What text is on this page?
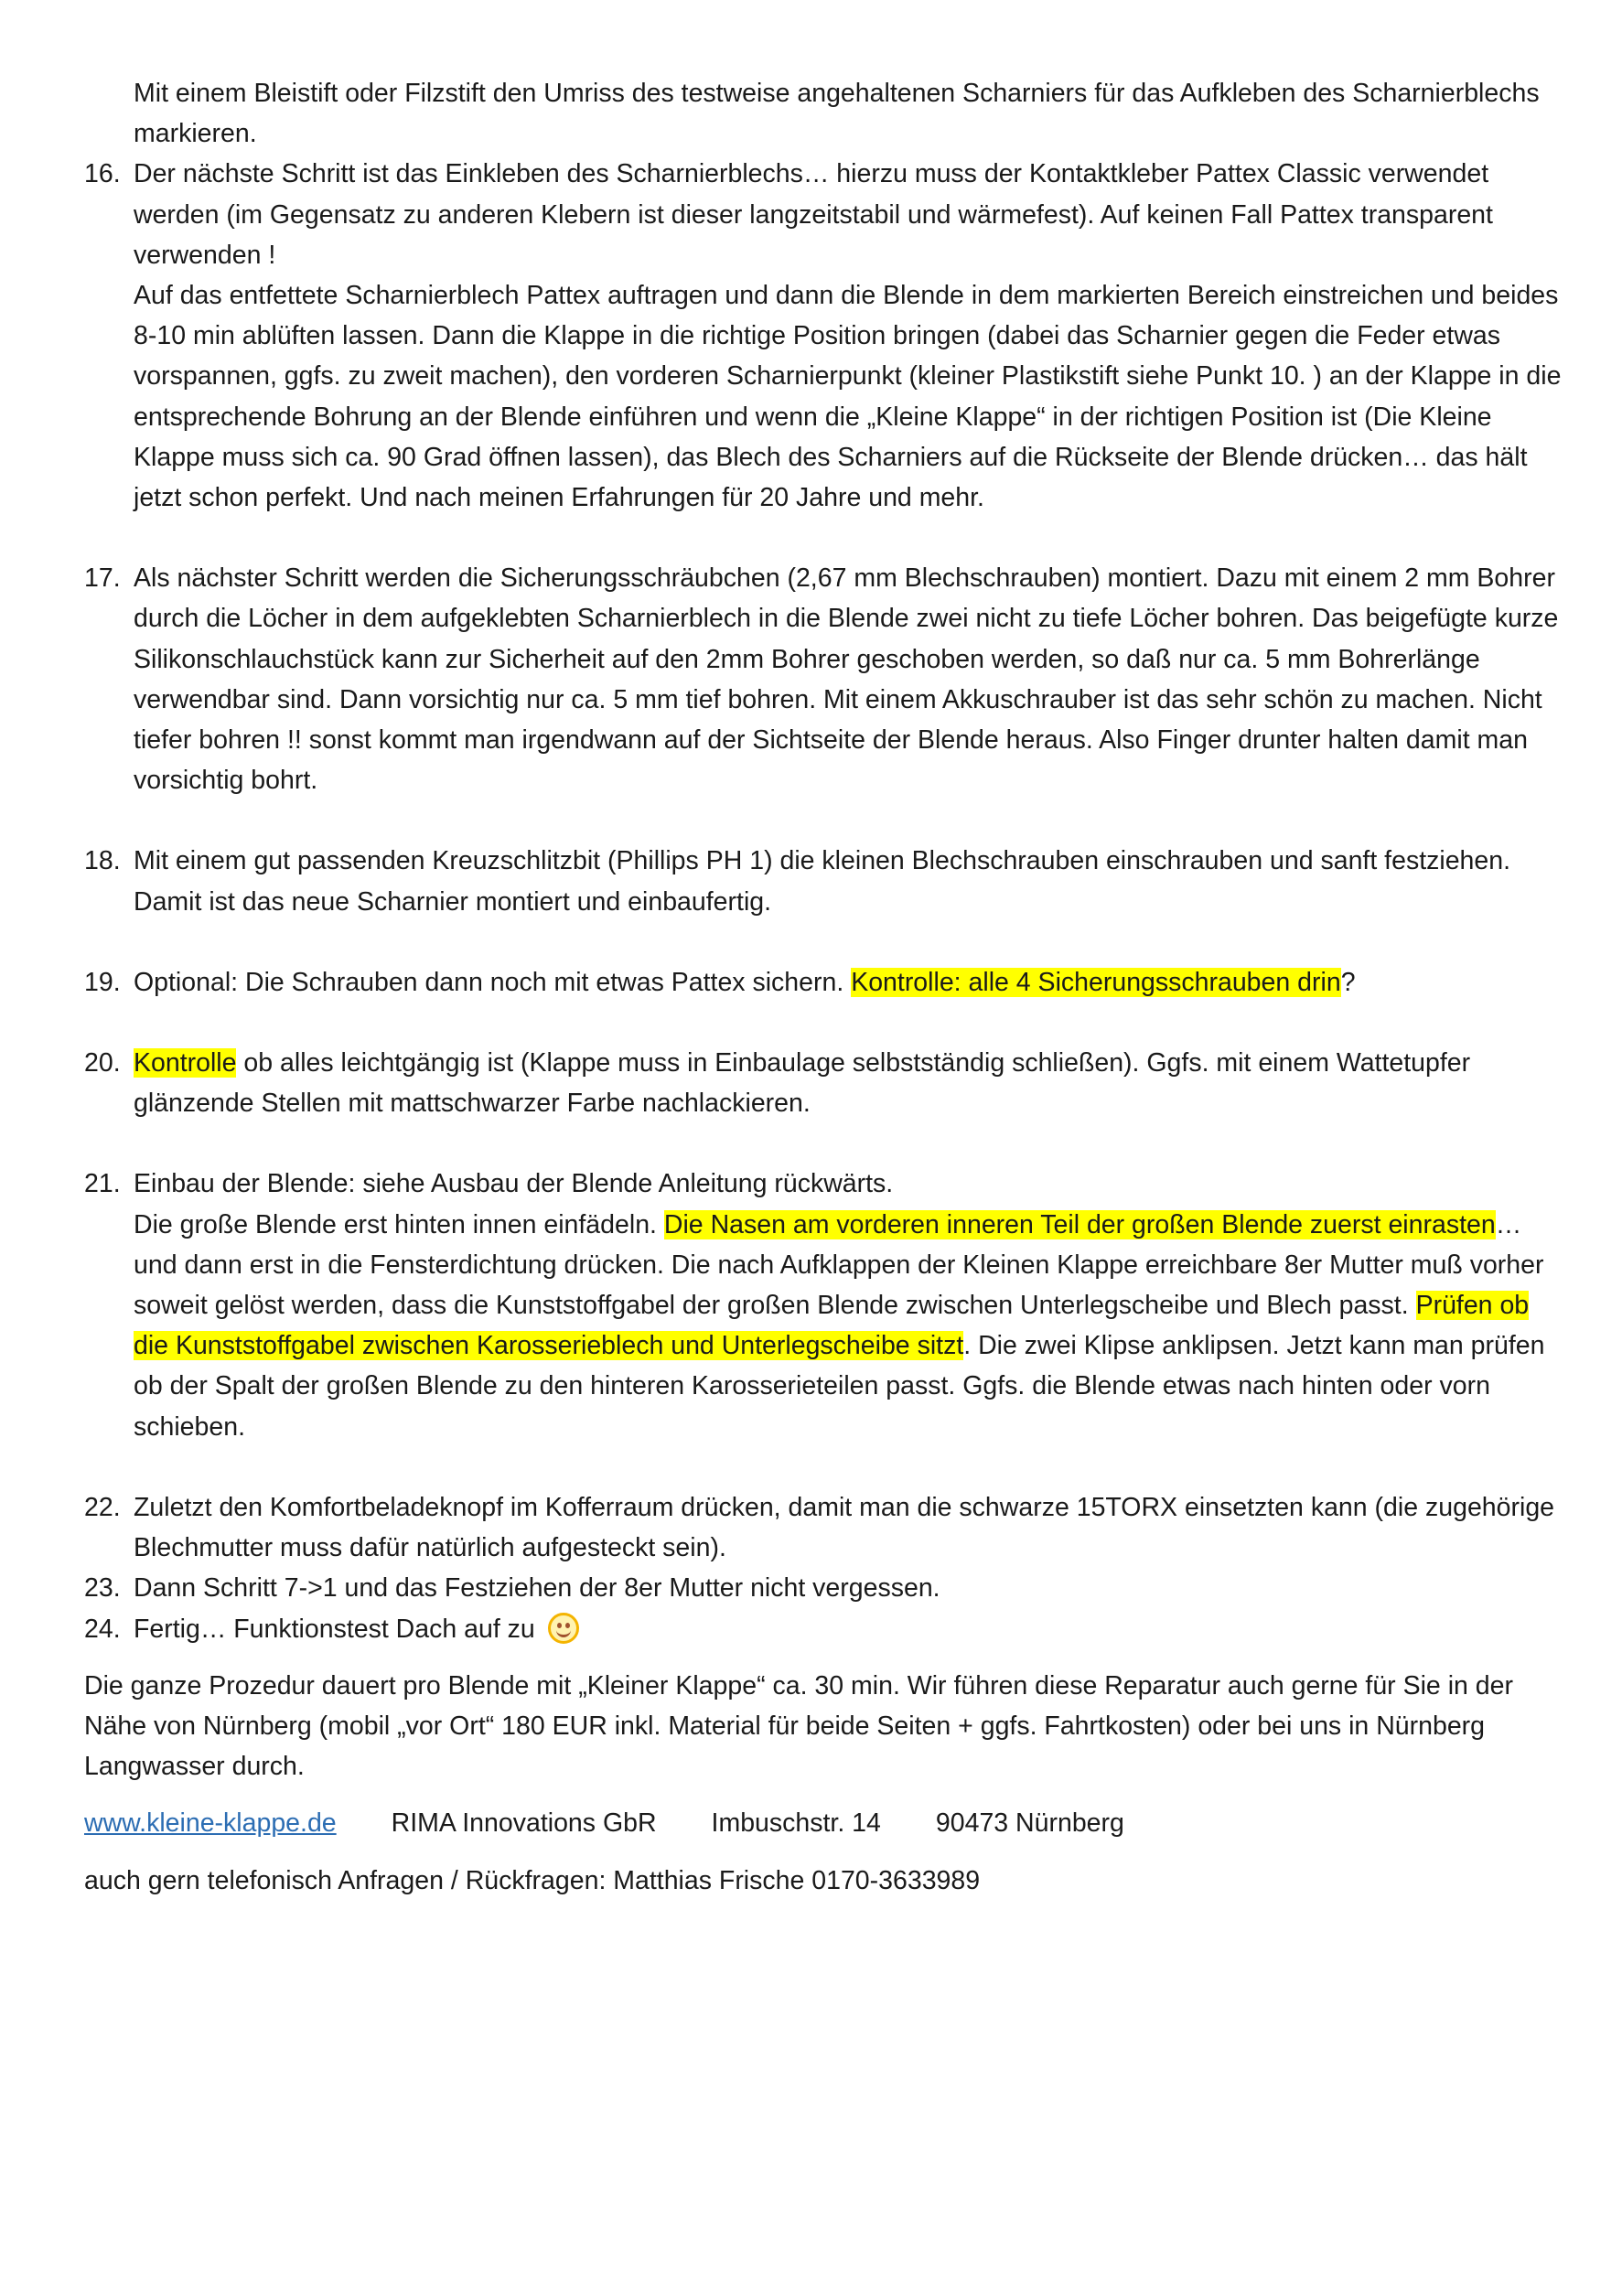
Mit einem Bleistift oder Filzstift den Umriss des testweise angehaltenen Scharniers für das Aufkleben des Scharnierblechs markieren.
16. Der nächste Schritt ist das Einkleben des Scharnierblechs… hierzu muss der Kontaktkleber Pattex Classic verwendet werden (im Gegensatz zu anderen Klebern ist dieser langzeitstabil und wärmefest). Auf keinen Fall Pattex transparent verwenden !
Auf das entfettete Scharnierblech Pattex auftragen und dann die Blende in dem markierten Bereich einstreichen und beides 8-10 min ablüften lassen. Dann die Klappe in die richtige Position bringen (dabei das Scharnier gegen die Feder etwas vorspannen, ggfs. zu zweit machen), den vorderen Scharnierpunkt (kleiner Plastikstift siehe Punkt 10. ) an der Klappe in die entsprechende Bohrung an der Blende einführen und wenn die „Kleine Klappe“ in der richtigen Position ist (Die Kleine Klappe muss sich ca. 90 Grad öffnen lassen), das Blech des Scharniers auf die Rückseite der Blende drücken… das hält jetzt schon perfekt. Und nach meinen Erfahrungen für 20 Jahre und mehr.
17. Als nächster Schritt werden die Sicherungsschräubchen (2,67 mm Blechschrauben) montiert. Dazu mit einem 2 mm Bohrer durch die Löcher in dem aufgeklebten Scharnierblech in die Blende zwei nicht zu tiefe Löcher bohren. Das beigefügte kurze Silikonschlauchstück kann zur Sicherheit auf den 2mm Bohrer geschoben werden, so daß nur ca. 5 mm Bohrerlänge verwendbar sind. Dann vorsichtig nur ca. 5 mm tief bohren. Mit einem Akkuschrauber ist das sehr schön zu machen. Nicht tiefer bohren !! sonst kommt man irgendwann auf der Sichtseite der Blende heraus. Also Finger drunter halten damit man vorsichtig bohrt.
18. Mit einem gut passenden Kreuzschlitzbit (Phillips PH 1) die kleinen Blechschrauben einschrauben und sanft festziehen. Damit ist das neue Scharnier montiert und einbaufertig.
19. Optional: Die Schrauben dann noch mit etwas Pattex sichern. Kontrolle: alle 4 Sicherungsschrauben drin?
20. Kontrolle ob alles leichtgängig ist (Klappe muss in Einbaulage selbstständig schließen). Ggfs. mit einem Wattetupfer glänzende Stellen mit mattschwarzer Farbe nachlackieren.
21. Einbau der Blende: siehe Ausbau der Blende Anleitung rückwärts.
Die große Blende erst hinten innen einfädeln. Die Nasen am vorderen inneren Teil der großen Blende zuerst einrasten… und dann erst in die Fensterdichtung drücken. Die nach Aufklappen der Kleinen Klappe erreichbare 8er Mutter muß vorher soweit gelöst werden, dass die Kunststoffgabel der großen Blende zwischen Unterlegscheibe und Blech passt. Prüfen ob die Kunststoffgabel zwischen Karosserieblech und Unterlegscheibe sitzt. Die zwei Klipse anklipsen. Jetzt kann man prüfen ob der Spalt der großen Blende zu den hinteren Karosserieteilen passt. Ggfs. die Blende etwas nach hinten oder vorn schieben.
22. Zuletzt den Komfortbeladeknopf im Kofferraum drücken, damit man die schwarze 15TORX einsetzten kann (die zugehörige Blechmutter muss dafür natürlich aufgesteckt sein).
23. Dann Schritt 7->1 und das Festziehen der 8er Mutter nicht vergessen.
24. Fertig… Funktionstest Dach auf zu
Die ganze Prozedur dauert pro Blende mit „Kleiner Klappe“ ca. 30 min. Wir führen diese Reparatur auch gerne für Sie in der Nähe von Nürnberg (mobil „vor Ort“ 180 EUR inkl. Material für beide Seiten + ggfs. Fahrtkosten) oder bei uns in Nürnberg Langwasser durch.
www.kleine-klappe.de RIMA Innovations GbR Imbuschstr. 14 90473 Nürnberg
auch gern telefonisch Anfragen / Rückfragen: Matthias Frische 0170-3633989
